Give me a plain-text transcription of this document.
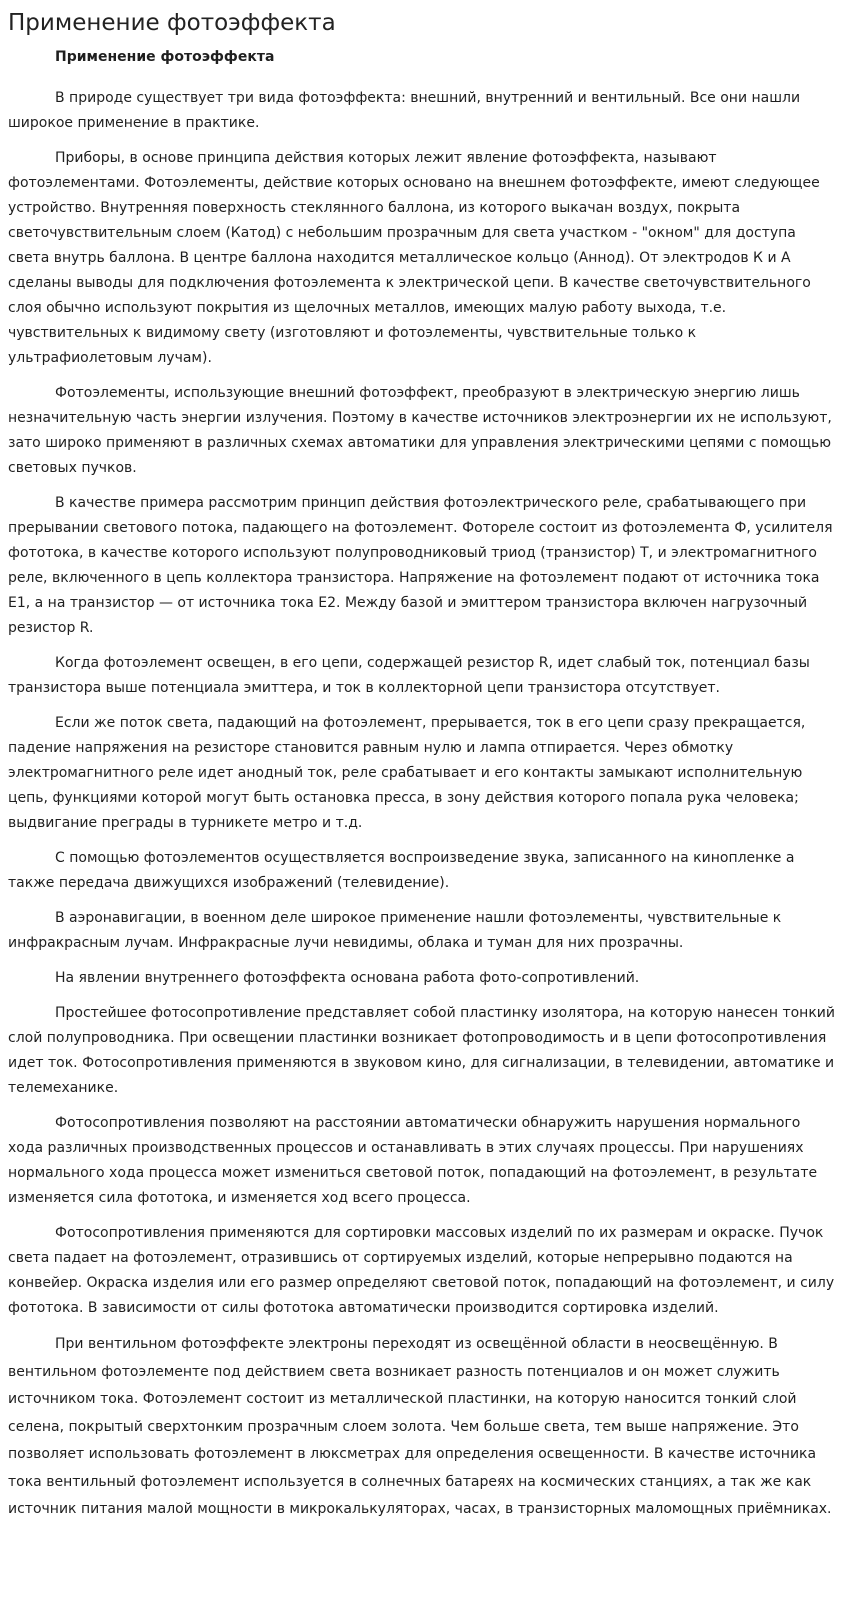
Применение фотоэффекта
Применение фотоэффекта

В природе существует три вида фотоэффекта: внешний, внутренний и вентильный. Все они нашли широкое применение в практике.

Приборы, в основе принципа действия которых лежит явление фотоэффекта, называют фотоэлементами. Фотоэлементы, действие которых основано на внешнем фотоэффекте, имеют следующее устройство. Внутренняя поверхность стеклянного баллона, из которого выкачан воздух, покрыта светочувствительным слоем (Катод) с небольшим прозрачным для света участком - "окном" для доступа света внутрь баллона. В центре баллона находится металлическое кольцо (Аннод). От электродов К и А сделаны выводы для подключения фотоэлемента к электрической цепи. В качестве светочувствительного слоя обычно используют покрытия из щелочных металлов, имеющих малую работу выхода, т.е. чувствительных к видимому свету (изготовляют и фотоэлементы, чувствительные только к ультрафиолетовым лучам).

Фотоэлементы, использующие внешний фотоэффект, преобразуют в электрическую энергию лишь незначительную часть энергии излучения. Поэтому в качестве источников электроэнергии их не используют, зато широко применяют в различных схемах автоматики для управления электрическими цепями с помощью световых пучков.

В качестве примера рассмотрим принцип действия фотоэлектрического реле, срабатывающего при прерывании светового потока, падающего на фотоэлемент. Фотореле состоит из фотоэлемента Ф, усилителя фототока, в качестве которого используют полупроводниковый триод (транзистор) Т, и электромагнитного реле, включенного в цепь коллектора транзистора. Напряжение на фотоэлемент подают от источника тока Е1, а на транзистор — от источника тока Е2. Между базой и эмиттером транзистора включен нагрузочный резистор R.

Когда фотоэлемент освещен, в его цепи, содержащей резистор R, идет слабый ток, потенциал базы транзистора выше потенциала эмиттера, и ток в коллекторной цепи транзистора отсутствует.

Если же поток света, падающий на фотоэлемент, прерывается, ток в его цепи сразу прекращается, падение напряжения на резисторе становится равным нулю и лампа отпирается. Через обмотку электромагнитного реле идет анодный ток, реле срабатывает и его контакты замыкают исполнительную цепь, функциями которой могут быть остановка пресса, в зону действия которого попала рука человека; выдвигание преграды в турникете метро и т.д.

С помощью фотоэлементов осуществляется воспроизведение звука, записанного на кинопленке а также передача движущихся изображений (телевидение).

В аэронавигации, в военном деле широкое применение нашли фотоэлементы, чувствительные к инфракрасным лучам. Инфракрасные лучи невидимы, облака и туман для них прозрачны.

На явлении внутреннего фотоэффекта основана работа фото-сопротивлений.

Простейшее фотосопротивление представляет собой пластинку изолятора, на которую нанесен тонкий слой полупроводника. При освещении пластинки возникает фотопроводимость и в цепи фотосопротивления идет ток. Фотосопротивления применяются в звуковом кино, для сигнализации, в телевидении, автоматике и телемеханике.

Фотосопротивления позволяют на расстоянии автоматически обнаружить нарушения нормального хода различных производственных процессов и останавливать в этих случаях процессы. При нарушениях нормального хода процесса может измениться световой поток, попадающий на фотоэлемент, в результате изменяется сила фототока, и изменяется ход всего процесса.

Фотосопротивления применяются для сортировки массовых изделий по их размерам и окраске. Пучок света падает на фотоэлемент, отразившись от сортируемых изделий, которые непрерывно подаются на конвейер. Окраска изделия или его размер определяют световой поток, попадающий на фотоэлемент, и силу фототока. В зависимости от силы фототока автоматически производится сортировка изделий.

При вентильном фотоэффекте электроны переходят из освещённой области в неосвещённую. В вентильном фотоэлементе под действием света возникает разность потенциалов и он может служить источником тока. Фотоэлемент состоит из металлической пластинки, на которую наносится тонкий слой селена, покрытый сверхтонким прозрачным слоем золота. Чем больше света, тем выше напряжение. Это позволяет использовать фотоэлемент в люксметрах для определения освещенности. В качестве источника тока вентильный фотоэлемент используется в солнечных батареях на космических станциях, а так же как источник питания малой мощности в микрокалькуляторах, часах, в транзисторных маломощных приёмниках.
